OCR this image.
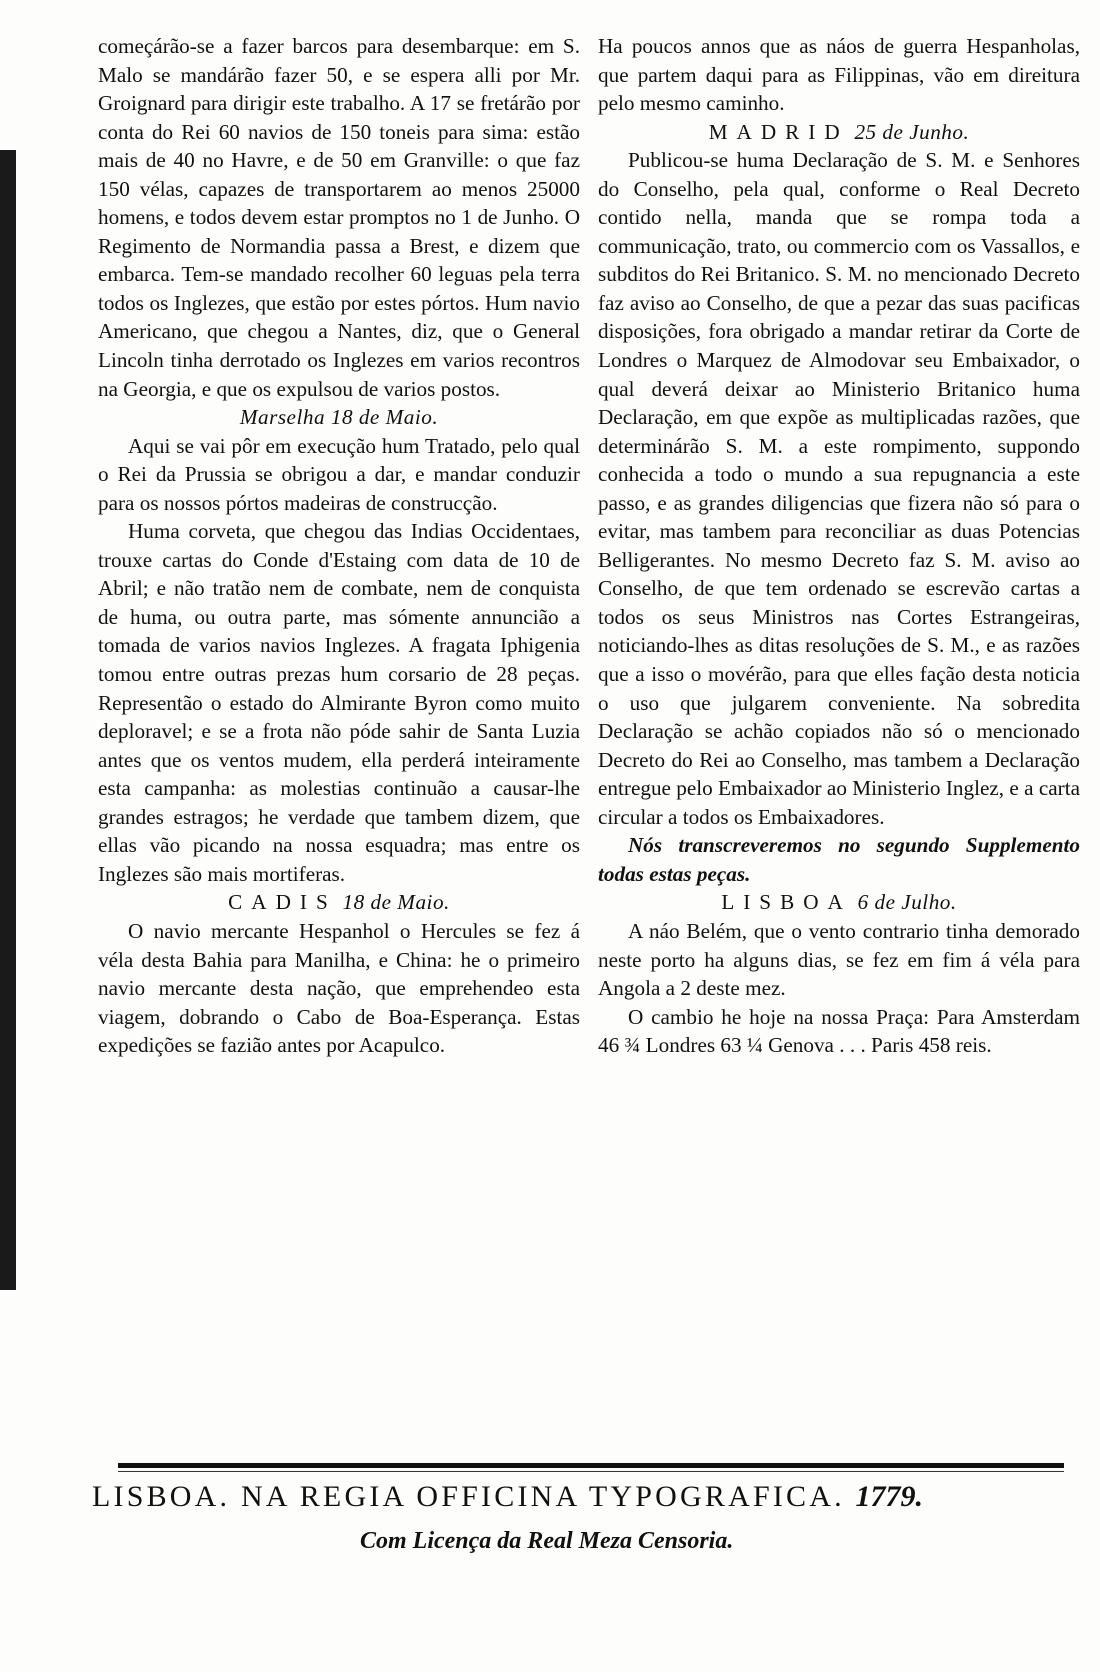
começárão-se a fazer barcos para desembarque: em S. Malo se mandárão fazer 50, e se espera alli por Mr. Groignard para dirigir este trabalho. A 17 se fretárão por conta do Rei 60 navios de 150 toneis para sima: estão mais de 40 no Havre, e de 50 em Granville: o que faz 150 vélas, capazes de transportarem ao menos 25000 homens, e todos devem estar promptos no 1 de Junho. O Regimento de Normandia passa a Brest, e dizem que embarca. Tem-se mandado recolher 60 leguas pela terra todos os Inglezes, que estão por estes pórtos. Hum navio Americano, que chegou a Nantes, diz, que o General Lincoln tinha derrotado os Inglezes em varios recontros na Georgia, e que os expulsou de varios postos.

Marselha 18 de Maio.

Aqui se vai pôr em execução hum Tratado, pelo qual o Rei da Prussia se obrigou a dar, e mandar conduzir para os nossos pórtos madeiras de construcção.

Huma corveta, que chegou das Indias Occidentaes, trouxe cartas do Conde d'Estaing com data de 10 de Abril; e não tratão nem de combate, nem de conquista de huma, ou outra parte, mas sómente annuncião a tomada de varios navios Inglezes. A fragata Iphigenia tomou entre outras prezas hum corsario de 28 peças. Representão o estado do Almirante Byron como muito deploravel; e se a frota não póde sahir de Santa Luzia antes que os ventos mudem, ella perderá inteiramente esta campanha: as molestias continuão a causar-lhe grandes estragos; he verdade que tambem dizem, que ellas vão picando na nossa esquadra; mas entre os Inglezes são mais mortiferas.

CADIS 18 de Maio.

O navio mercante Hespanhol o Hercules se fez á véla desta Bahia para Manilha, e China: he o primeiro navio mercante desta nação, que emprehendeo esta viagem, dobrando o Cabo de Boa-Esperança. Estas expedições se fazião antes por Acapulco.

Ha poucos annos que as náos de guerra Hespanholas, que partem daqui para as Filippinas, vão em direitura pelo mesmo caminho.

MADRID 25 de Junho.

Publicou-se huma Declaração de S. M. e Senhores do Conselho, pela qual, conforme o Real Decreto contido nella, manda que se rompa toda a communicação, trato, ou commercio com os Vassallos, e subditos do Rei Britanico. S. M. no mencionado Decreto faz aviso ao Conselho, de que a pezar das suas pacificas disposições, fora obrigado a mandar retirar da Corte de Londres o Marquez de Almodovar seu Embaixador, o qual deverá deixar ao Ministerio Britanico huma Declaração, em que expõe as multiplicadas razões, que determinárão S. M. a este rompimento, suppondo conhecida a todo o mundo a sua repugnancia a este passo, e as grandes diligencias que fizera não só para o evitar, mas tambem para reconciliar as duas Potencias Belligerantes. No mesmo Decreto faz S. M. aviso ao Conselho, de que tem ordenado se escrevão cartas a todos os seus Ministros nas Cortes Estrangeiras, noticiando-lhes as ditas resoluções de S. M., e as razões que a isso o movérão, para que elles fação desta noticia o uso que julgarem conveniente. Na sobredita Declaração se achão copiados não só o mencionado Decreto do Rei ao Conselho, mas tambem a Declaração entregue pelo Embaixador ao Ministerio Inglez, e a carta circular a todos os Embaixadores.

Nós transcreveremos no segundo Supplemento todas estas peças.

LISBOA 6 de Julho.

A náo Belém, que o vento contrario tinha demorado neste porto ha alguns dias, se fez em fim á véla para Angola a 2 deste mez.

O cambio he hoje na nossa Praça: Para Amsterdam 46 ¾ Londres 63 ¼ Genova . . . Paris 458 reis.

LISBOA. NA REGIA OFFICINA TYPOGRAFICA. 1779.
Com Licença da Real Meza Censoria.
